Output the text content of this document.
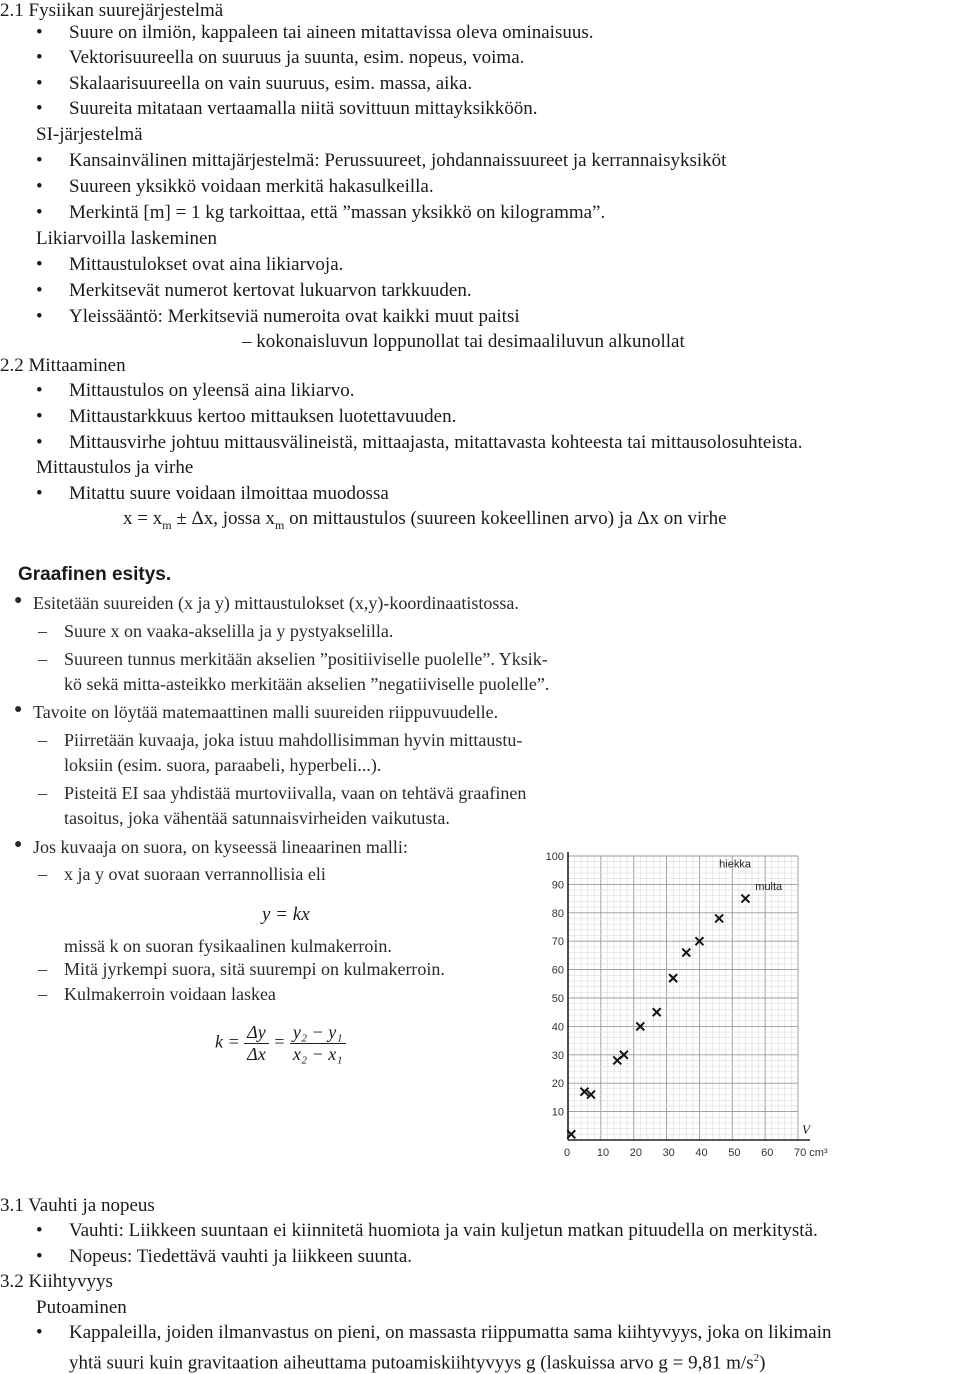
2.1 Fysiikan suurejärjestelmä
• Suure on ilmiön, kappaleen tai aineen mitattavissa oleva ominaisuus.
• Vektorisuureella on suuruus ja suunta, esim. nopeus, voima.
• Skalaarisuureella on vain suuruus, esim. massa, aika.
• Suureita mitataan vertaamalla niitä sovittuun mittayksikköön.
SI-järjestelmä
• Kansainvälinen mittajärjestelmä: Perussuureet, johdannaissuureet ja kerrannaisyksiköt
• Suureen yksikkö voidaan merkitä hakasulkeilla.
• Merkintä [m] = 1 kg tarkoittaa, että ”massan yksikkö on kilogramma”.
Likiarvoilla laskeminen
• Mittaustulokset ovat aina likiarvoja.
• Merkitsevät numerot kertovat lukuarvon tarkkuuden.
• Yleissääntö: Merkitseviä numeroita ovat kaikki muut paitsi
– kokonaisluvun loppunollat tai desimaaliluvun alkunollat
2.2 Mittaaminen
• Mittaustulos on yleensä aina likiarvo.
• Mittaustarkkuus kertoo mittauksen luotettavuuden.
• Mittausvirhe johtuu mittausvälineistä, mittaajasta, mitattavasta kohteesta tai mittausolosuhteista.
Mittaustulos ja virhe
• Mitattu suure voidaan ilmoittaa muodossa
$x = x_m \pm \Delta x$, jossa $x_m$ on mittaustulos (suureen kokeellinen arvo) ja Δx on virhe
Graafinen esitys.
● Esitetään suureiden (x ja y) mittaustulokset (x,y)-koordinaatistossa.
– Suure x on vaaka-akselilla ja y pystyakselilla.
– Suureen tunnus merkitään akselien ”positiiviselle puolelle”. Yksik-
kö sekä mitta-asteikko merkitään akselien ”negatiiviselle puolelle”.
● Tavoite on löytää matemaattinen malli suureiden riippuvuudelle.
– Piirretään kuvaaja, joka istuu mahdollisimman hyvin mittaustu-
loksiin (esim. suora, paraabeli, hyperbeli...).
– Pisteitä EI saa yhdistää murtoviivalla, vaan on tehtävä graafinen
tasoitus, joka vähentää satunnaisvirheiden vaikutusta.
● Jos kuvaaja on suora, on kyseessä lineaarinen malli:
– x ja y ovat suoraan verrannollisia eli
y = kx
missä k on suoran fysikaalinen kulmakerroin.
– Mitä jyrkempi suora, sitä suurempi on kulmakerroin.
– Kulmakerroin voidaan laskea
$k = \frac{\Delta y}{\Delta x} = \frac{\text{y₂ − y₁}}{\text{x₂ − x₁}}$
0 10 20 30 40 50 60 70 cm³
10
20
30
40
50
60
70
80
90
100
V
hiekka
multa
3.1 Vauhti ja nopeus
• Vauhti: Liikkeen suuntaan ei kiinnitetä huomiota ja vain kuljetun matkan pituudella on merkitystä.
• Nopeus: Tiedettävä vauhti ja liikkeen suunta.
3.2 Kiihtyvyys
Putoaminen
• Kappaleilla, joiden ilmanvastus on pieni, on massasta riippumatta sama kiihtyvyys, joka on likimain
yhtä suuri kuin gravitaation aiheuttama putoamiskiihtyvyys g (laskuissa arvo g = 9,81 $m/s^2$)
